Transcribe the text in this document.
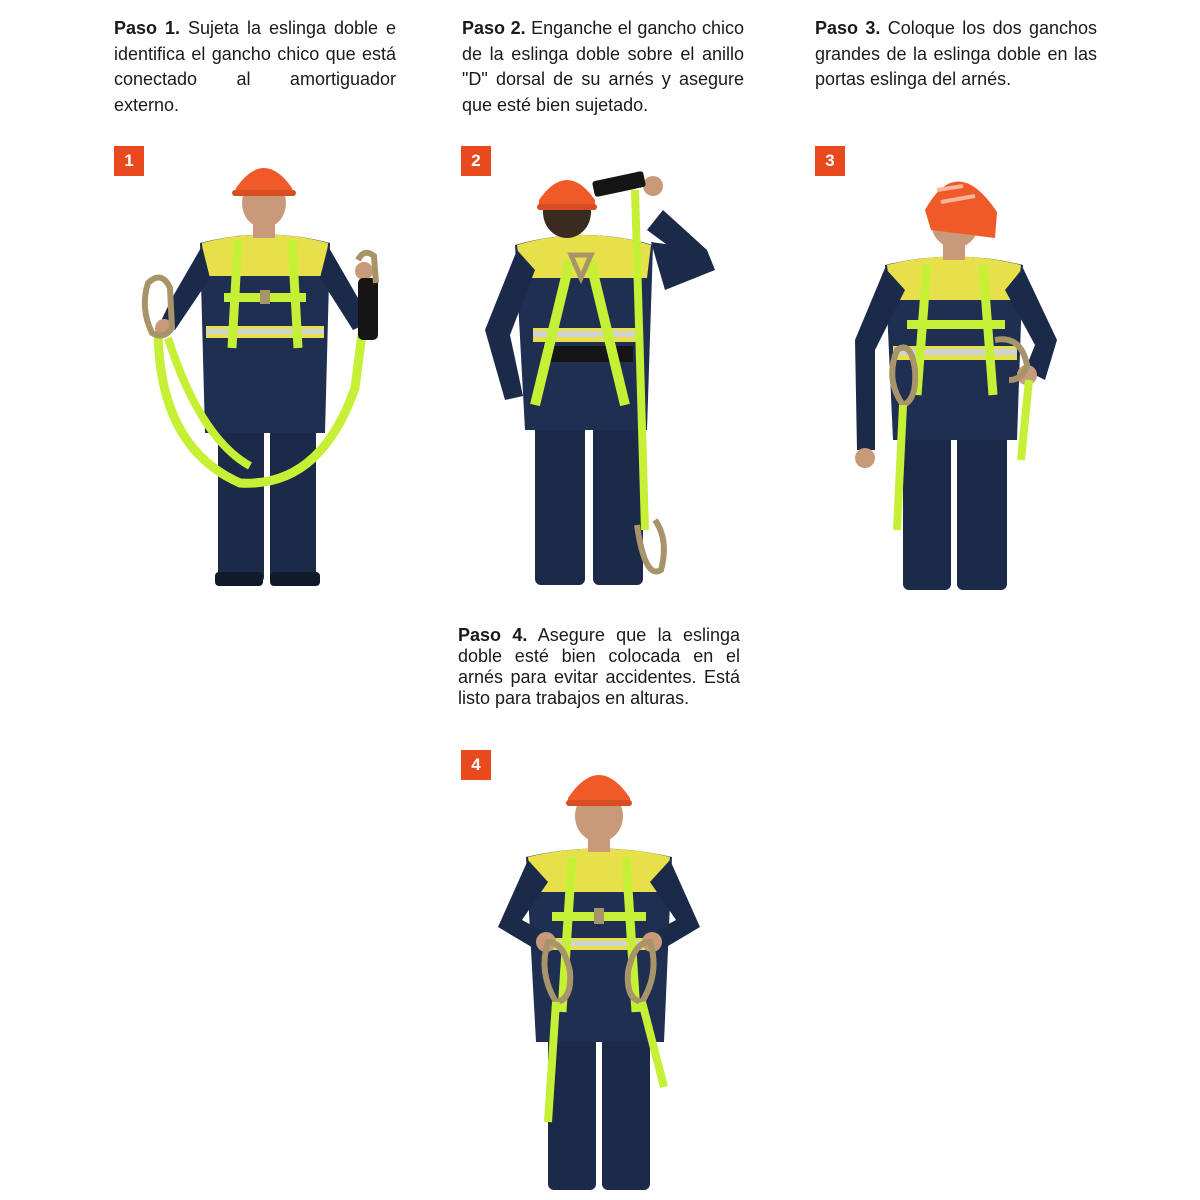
Paso 1. Sujeta la eslinga doble e identifica el gancho chico que está conectado al amortiguador externo.
1
Paso 2. Enganche el gancho chico de la eslinga doble sobre el anillo "D" dorsal de su arnés y asegure que esté bien sujetado.
2
Paso 3. Coloque los dos ganchos grandes de la eslinga doble en las portas eslinga del arnés.
3
Paso 4. Asegure que la eslinga doble esté bien colocada en el arnés para evitar accidentes. Está listo para trabajos en alturas.
4
